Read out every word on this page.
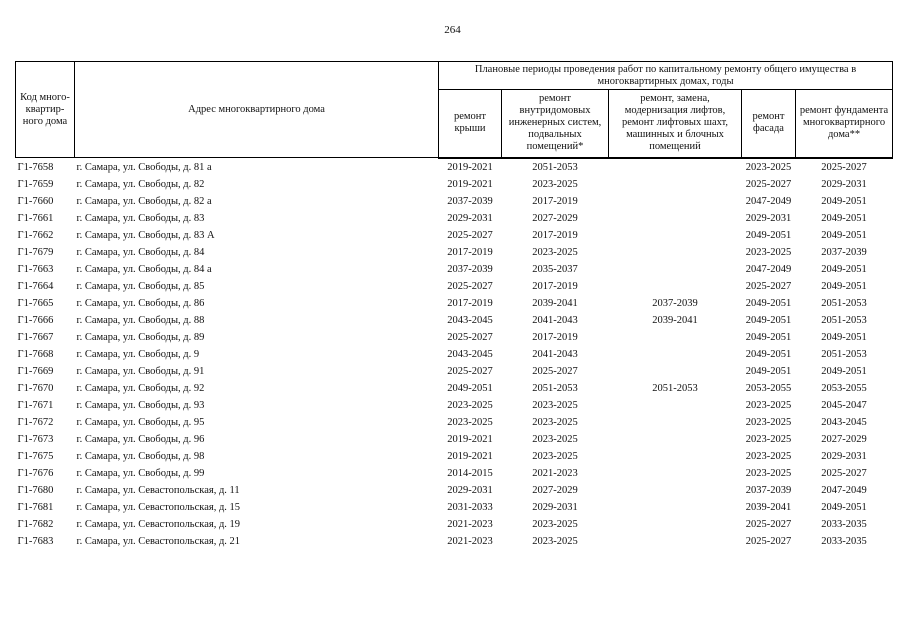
264
Код много-квартир-ного дома	Адрес многоквартирного дома	Плановые периоды проведения работ по капитальному ремонту общего имущества в многоквартирных домах, годы				
		ремонт крыши	ремонт внутридомовых инженерных систем, подвальных помещений*	ремонт, замена, модернизация лифтов, ремонт лифтовых шахт, машинных и блочных помещений	ремонт фасада	ремонт фундамента многоквартирного дома**
Г1-7658	г. Самара, ул. Свободы, д. 81 а	2019-2021	2051-2053		2023-2025	2025-2027
Г1-7659	г. Самара, ул. Свободы, д. 82	2019-2021	2023-2025		2025-2027	2029-2031
Г1-7660	г. Самара, ул. Свободы, д. 82 а	2037-2039	2017-2019		2047-2049	2049-2051
Г1-7661	г. Самара, ул. Свободы, д. 83	2029-2031	2027-2029		2029-2031	2049-2051
Г1-7662	г. Самара, ул. Свободы, д. 83 А	2025-2027	2017-2019		2049-2051	2049-2051
Г1-7679	г. Самара, ул. Свободы, д. 84	2017-2019	2023-2025		2023-2025	2037-2039
Г1-7663	г. Самара, ул. Свободы, д. 84 а	2037-2039	2035-2037		2047-2049	2049-2051
Г1-7664	г. Самара, ул. Свободы, д. 85	2025-2027	2017-2019		2025-2027	2049-2051
Г1-7665	г. Самара, ул. Свободы, д. 86	2017-2019	2039-2041	2037-2039	2049-2051	2051-2053
Г1-7666	г. Самара, ул. Свободы, д. 88	2043-2045	2041-2043	2039-2041	2049-2051	2051-2053
Г1-7667	г. Самара, ул. Свободы, д. 89	2025-2027	2017-2019		2049-2051	2049-2051
Г1-7668	г. Самара, ул. Свободы, д. 9	2043-2045	2041-2043		2049-2051	2051-2053
Г1-7669	г. Самара, ул. Свободы, д. 91	2025-2027	2025-2027		2049-2051	2049-2051
Г1-7670	г. Самара, ул. Свободы, д. 92	2049-2051	2051-2053	2051-2053	2053-2055	2053-2055
Г1-7671	г. Самара, ул. Свободы, д. 93	2023-2025	2023-2025		2023-2025	2045-2047
Г1-7672	г. Самара, ул. Свободы, д. 95	2023-2025	2023-2025		2023-2025	2043-2045
Г1-7673	г. Самара, ул. Свободы, д. 96	2019-2021	2023-2025		2023-2025	2027-2029
Г1-7675	г. Самара, ул. Свободы, д. 98	2019-2021	2023-2025		2023-2025	2029-2031
Г1-7676	г. Самара, ул. Свободы, д. 99	2014-2015	2021-2023		2023-2025	2025-2027
Г1-7680	г. Самара, ул. Севастопольская, д. 11	2029-2031	2027-2029		2037-2039	2047-2049
Г1-7681	г. Самара, ул. Севастопольская, д. 15	2031-2033	2029-2031		2039-2041	2049-2051
Г1-7682	г. Самара, ул. Севастопольская, д. 19	2021-2023	2023-2025		2025-2027	2033-2035
Г1-7683	г. Самара, ул. Севастопольская, д. 21	2021-2023	2023-2025		2025-2027	2033-2035
